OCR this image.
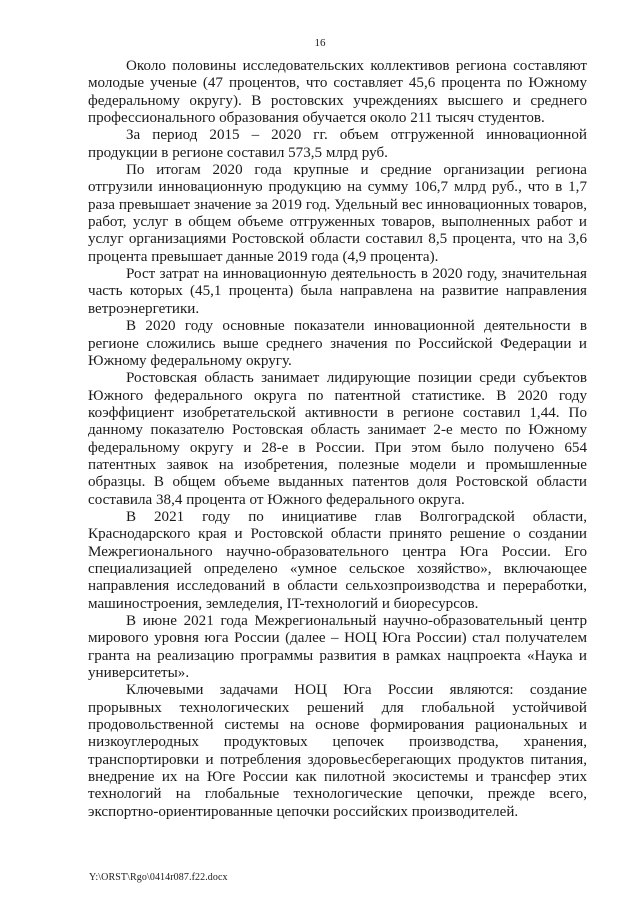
16

Около половины исследовательских коллективов региона составляют молодые ученые (47 процентов, что составляет 45,6 процента по Южному федеральному округу). В ростовских учреждениях высшего и среднего профессионального образования обучается около 211 тысяч студентов.

За период 2015 – 2020 гг. объем отгруженной инновационной продукции в регионе составил 573,5 млрд руб.

По итогам 2020 года крупные и средние организации региона отгрузили инновационную продукцию на сумму 106,7 млрд руб., что в 1,7 раза превышает значение за 2019 год. Удельный вес инновационных товаров, работ, услуг в общем объеме отгруженных товаров, выполненных работ и услуг организациями Ростовской области составил 8,5 процента, что на 3,6 процента превышает данные 2019 года (4,9 процента).

Рост затрат на инновационную деятельность в 2020 году, значительная часть которых (45,1 процента) была направлена на развитие направления ветроэнергетики.

В 2020 году основные показатели инновационной деятельности в регионе сложились выше среднего значения по Российской Федерации и Южному федеральному округу.

Ростовская область занимает лидирующие позиции среди субъектов Южного федерального округа по патентной статистике. В 2020 году коэффициент изобретательской активности в регионе составил 1,44. По данному показателю Ростовская область занимает 2-е место по Южному федеральному округу и 28-е в России. При этом было получено 654 патентных заявок на изобретения, полезные модели и промышленные образцы. В общем объеме выданных патентов доля Ростовской области составила 38,4 процента от Южного федерального округа.

В 2021 году по инициативе глав Волгоградской области, Краснодарского края и Ростовской области принято решение о создании Межрегионального научно-образовательного центра Юга России. Его специализацией определено «умное сельское хозяйство», включающее направления исследований в области сельхозпроизводства и переработки, машиностроения, земледелия, IT-технологий и биоресурсов.

В июне 2021 года Межрегиональный научно-образовательный центр мирового уровня юга России (далее – НОЦ Юга России) стал получателем гранта на реализацию программы развития в рамках нацпроекта «Наука и университеты».

Ключевыми задачами НОЦ Юга России являются: создание прорывных технологических решений для глобальной устойчивой продовольственной системы на основе формирования рациональных и низкоуглеродных продуктовых цепочек производства, хранения, транспортировки и потребления здоровьесберегающих продуктов питания, внедрение их на Юге России как пилотной экосистемы и трансфер этих технологий на глобальные технологические цепочки, прежде всего, экспортно-ориентированные цепочки российских производителей.

Y:\ORST\Rgo\0414r087.f22.docx
